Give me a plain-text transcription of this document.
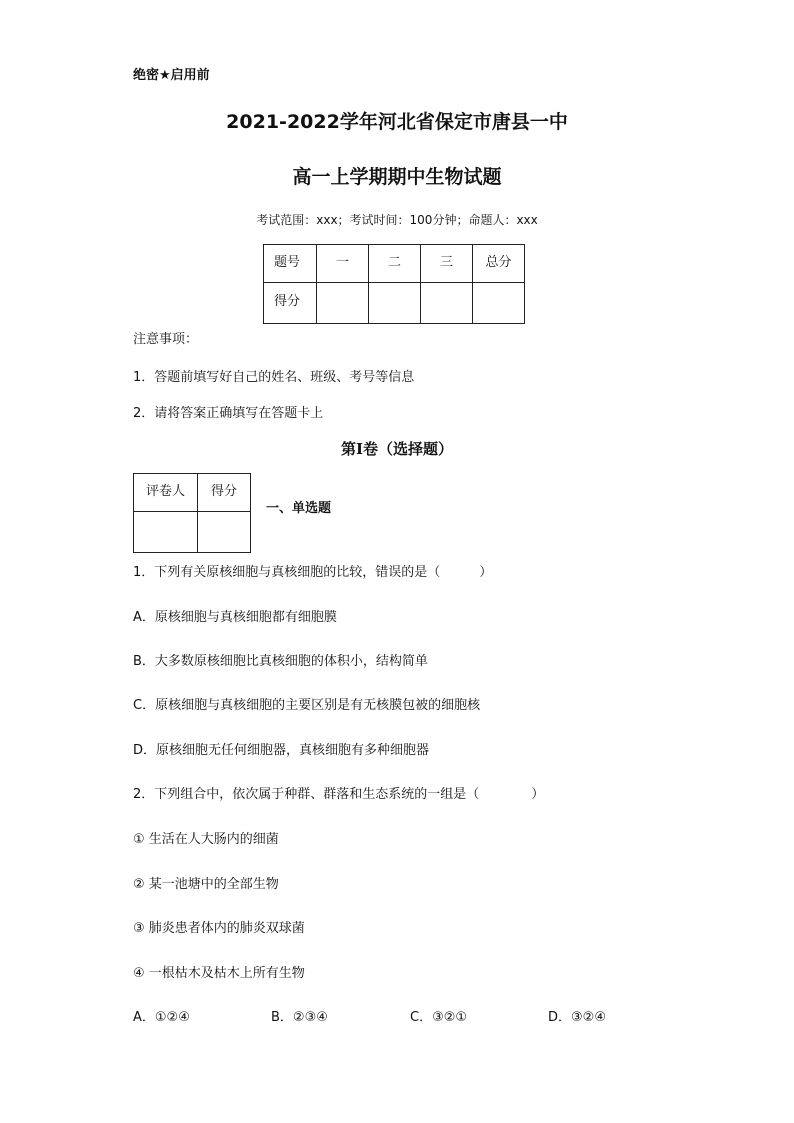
绝密★启用前
2021-2022学年河北省保定市唐县一中
高一上学期期中生物试题
考试范围：xxx；考试时间：100分钟；命题人：xxx
题号	一	二	三	总分
得分				
注意事项：
1．答题前填写好自己的姓名、班级、考号等信息
2．请将答案正确填写在答题卡上
第I卷（选择题）
评卷人	得分

一、单选题
1．下列有关原核细胞与真核细胞的比较，错误的是（　　　）
A．原核细胞与真核细胞都有细胞膜
B．大多数原核细胞比真核细胞的体积小，结构简单
C．原核细胞与真核细胞的主要区别是有无核膜包被的细胞核
D．原核细胞无任何细胞器，真核细胞有多种细胞器
2．下列组合中，依次属于种群、群落和生态系统的一组是（　　　　）
① 生活在人大肠内的细菌
② 某一池塘中的全部生物
③ 肺炎患者体内的肺炎双球菌
④ 一根枯木及枯木上所有生物
A．①②④	B．②③④	C．③②①	D．③②④
